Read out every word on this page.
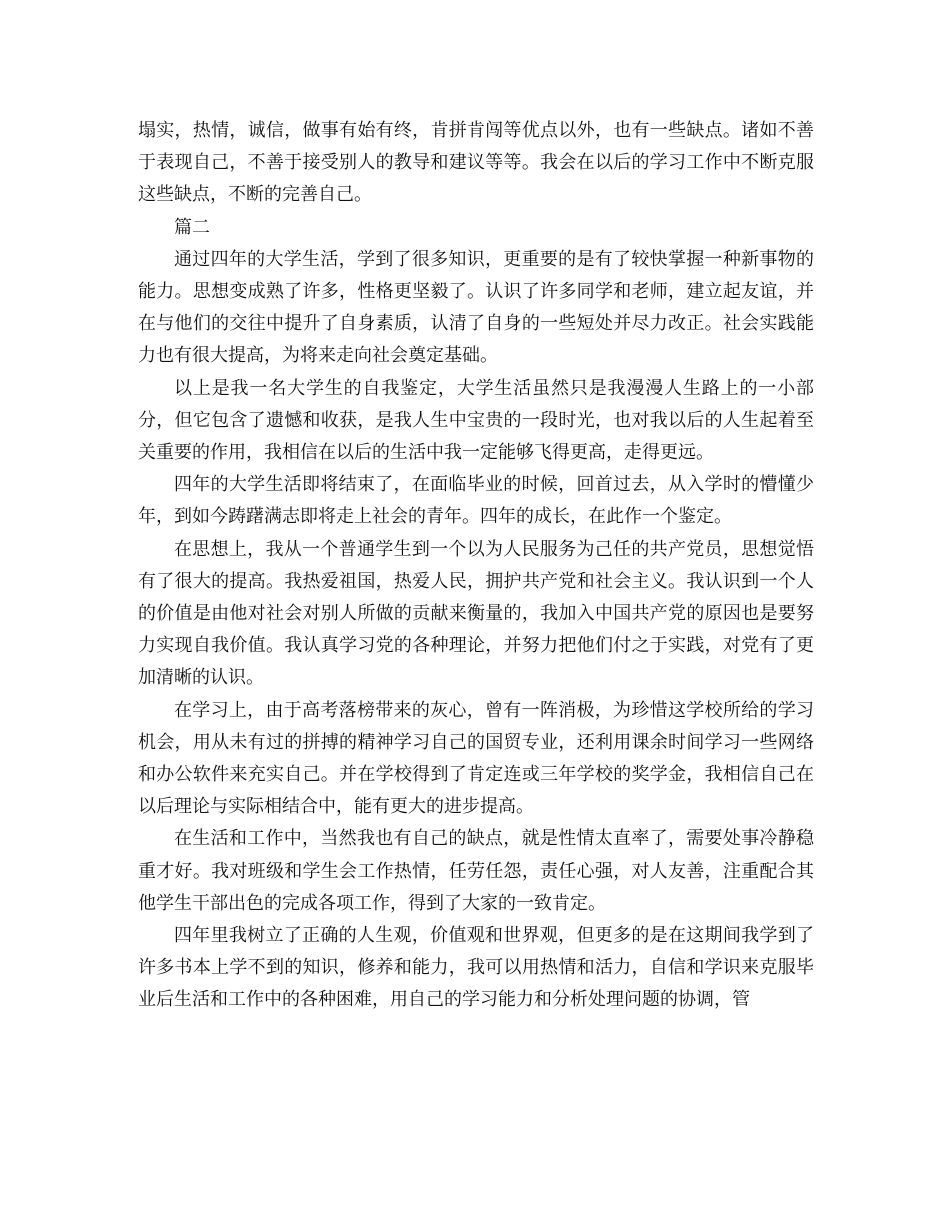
塌实，热情，诚信，做事有始有终，肯拼肯闯等优点以外，也有一些缺点。诸如不善于表现自己，不善于接受别人的教导和建议等等。我会在以后的学习工作中不断克服这些缺点，不断的完善自己。

篇二

通过四年的大学生活，学到了很多知识，更重要的是有了较快掌握一种新事物的能力。思想变成熟了许多，性格更坚毅了。认识了许多同学和老师，建立起友谊，并在与他们的交往中提升了自身素质，认清了自身的一些短处并尽力改正。社会实践能力也有很大提高，为将来走向社会奠定基础。

以上是我一名大学生的自我鉴定，大学生活虽然只是我漫漫人生路上的一小部分，但它包含了遗憾和收获，是我人生中宝贵的一段时光，也对我以后的人生起着至关重要的作用，我相信在以后的生活中我一定能够飞得更高，走得更远。

四年的大学生活即将结束了，在面临毕业的时候，回首过去，从入学时的懵懂少年，到如今踌躇满志即将走上社会的青年。四年的成长，在此作一个鉴定。

在思想上，我从一个普通学生到一个以为人民服务为己任的共产党员，思想觉悟有了很大的提高。我热爱祖国，热爱人民，拥护共产党和社会主义。我认识到一个人的价值是由他对社会对别人所做的贡献来衡量的，我加入中国共产党的原因也是要努力实现自我价值。我认真学习党的各种理论，并努力把他们付之于实践，对党有了更加清晰的认识。

在学习上，由于高考落榜带来的灰心，曾有一阵消极，为珍惜这学校所给的学习机会，用从未有过的拼搏的精神学习自己的国贸专业，还利用课余时间学习一些网络和办公软件来充实自己。并在学校得到了肯定连或三年学校的奖学金，我相信自己在以后理论与实际相结合中，能有更大的进步提高。

在生活和工作中，当然我也有自己的缺点，就是性情太直率了，需要处事冷静稳重才好。我对班级和学生会工作热情，任劳任怨，责任心强，对人友善，注重配合其他学生干部出色的完成各项工作，得到了大家的一致肯定。

四年里我树立了正确的人生观，价值观和世界观，但更多的是在这期间我学到了许多书本上学不到的知识，修养和能力，我可以用热情和活力，自信和学识来克服毕业后生活和工作中的各种困难，用自己的学习能力和分析处理问题的协调，管
